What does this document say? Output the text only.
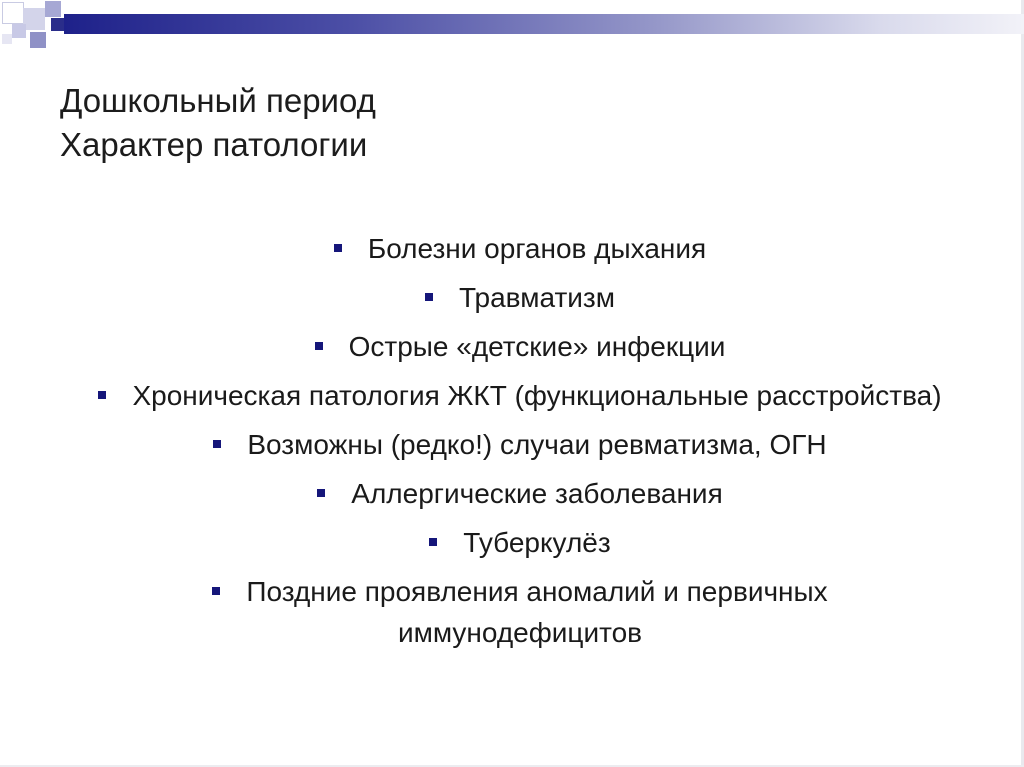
Дошкольный период
Характер патологии
Болезни органов дыхания
Травматизм
Острые «детские» инфекции
Хроническая патология ЖКТ (функциональные расстройства)
Возможны (редко!) случаи ревматизма, ОГН
Аллергические заболевания
Туберкулёз
Поздние проявления аномалий и первичных иммунодефицитов
